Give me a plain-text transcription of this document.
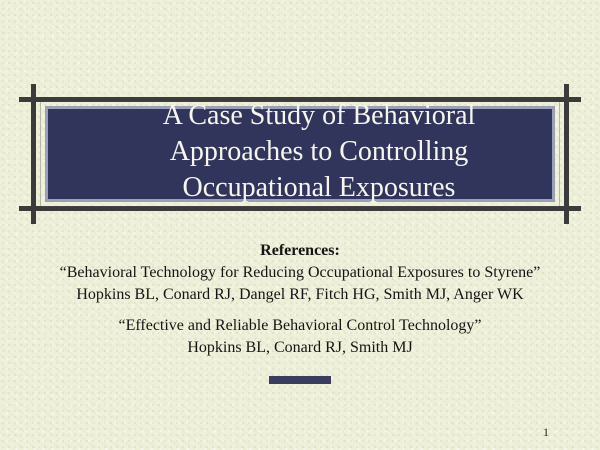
A Case Study of Behavioral
Approaches to Controlling
Occupational Exposures
References:
“Behavioral Technology for Reducing Occupational Exposures to Styrene”
Hopkins BL, Conard RJ, Dangel RF, Fitch HG, Smith MJ, Anger WK
“Effective and Reliable Behavioral Control Technology”
Hopkins BL, Conard RJ, Smith MJ
1
